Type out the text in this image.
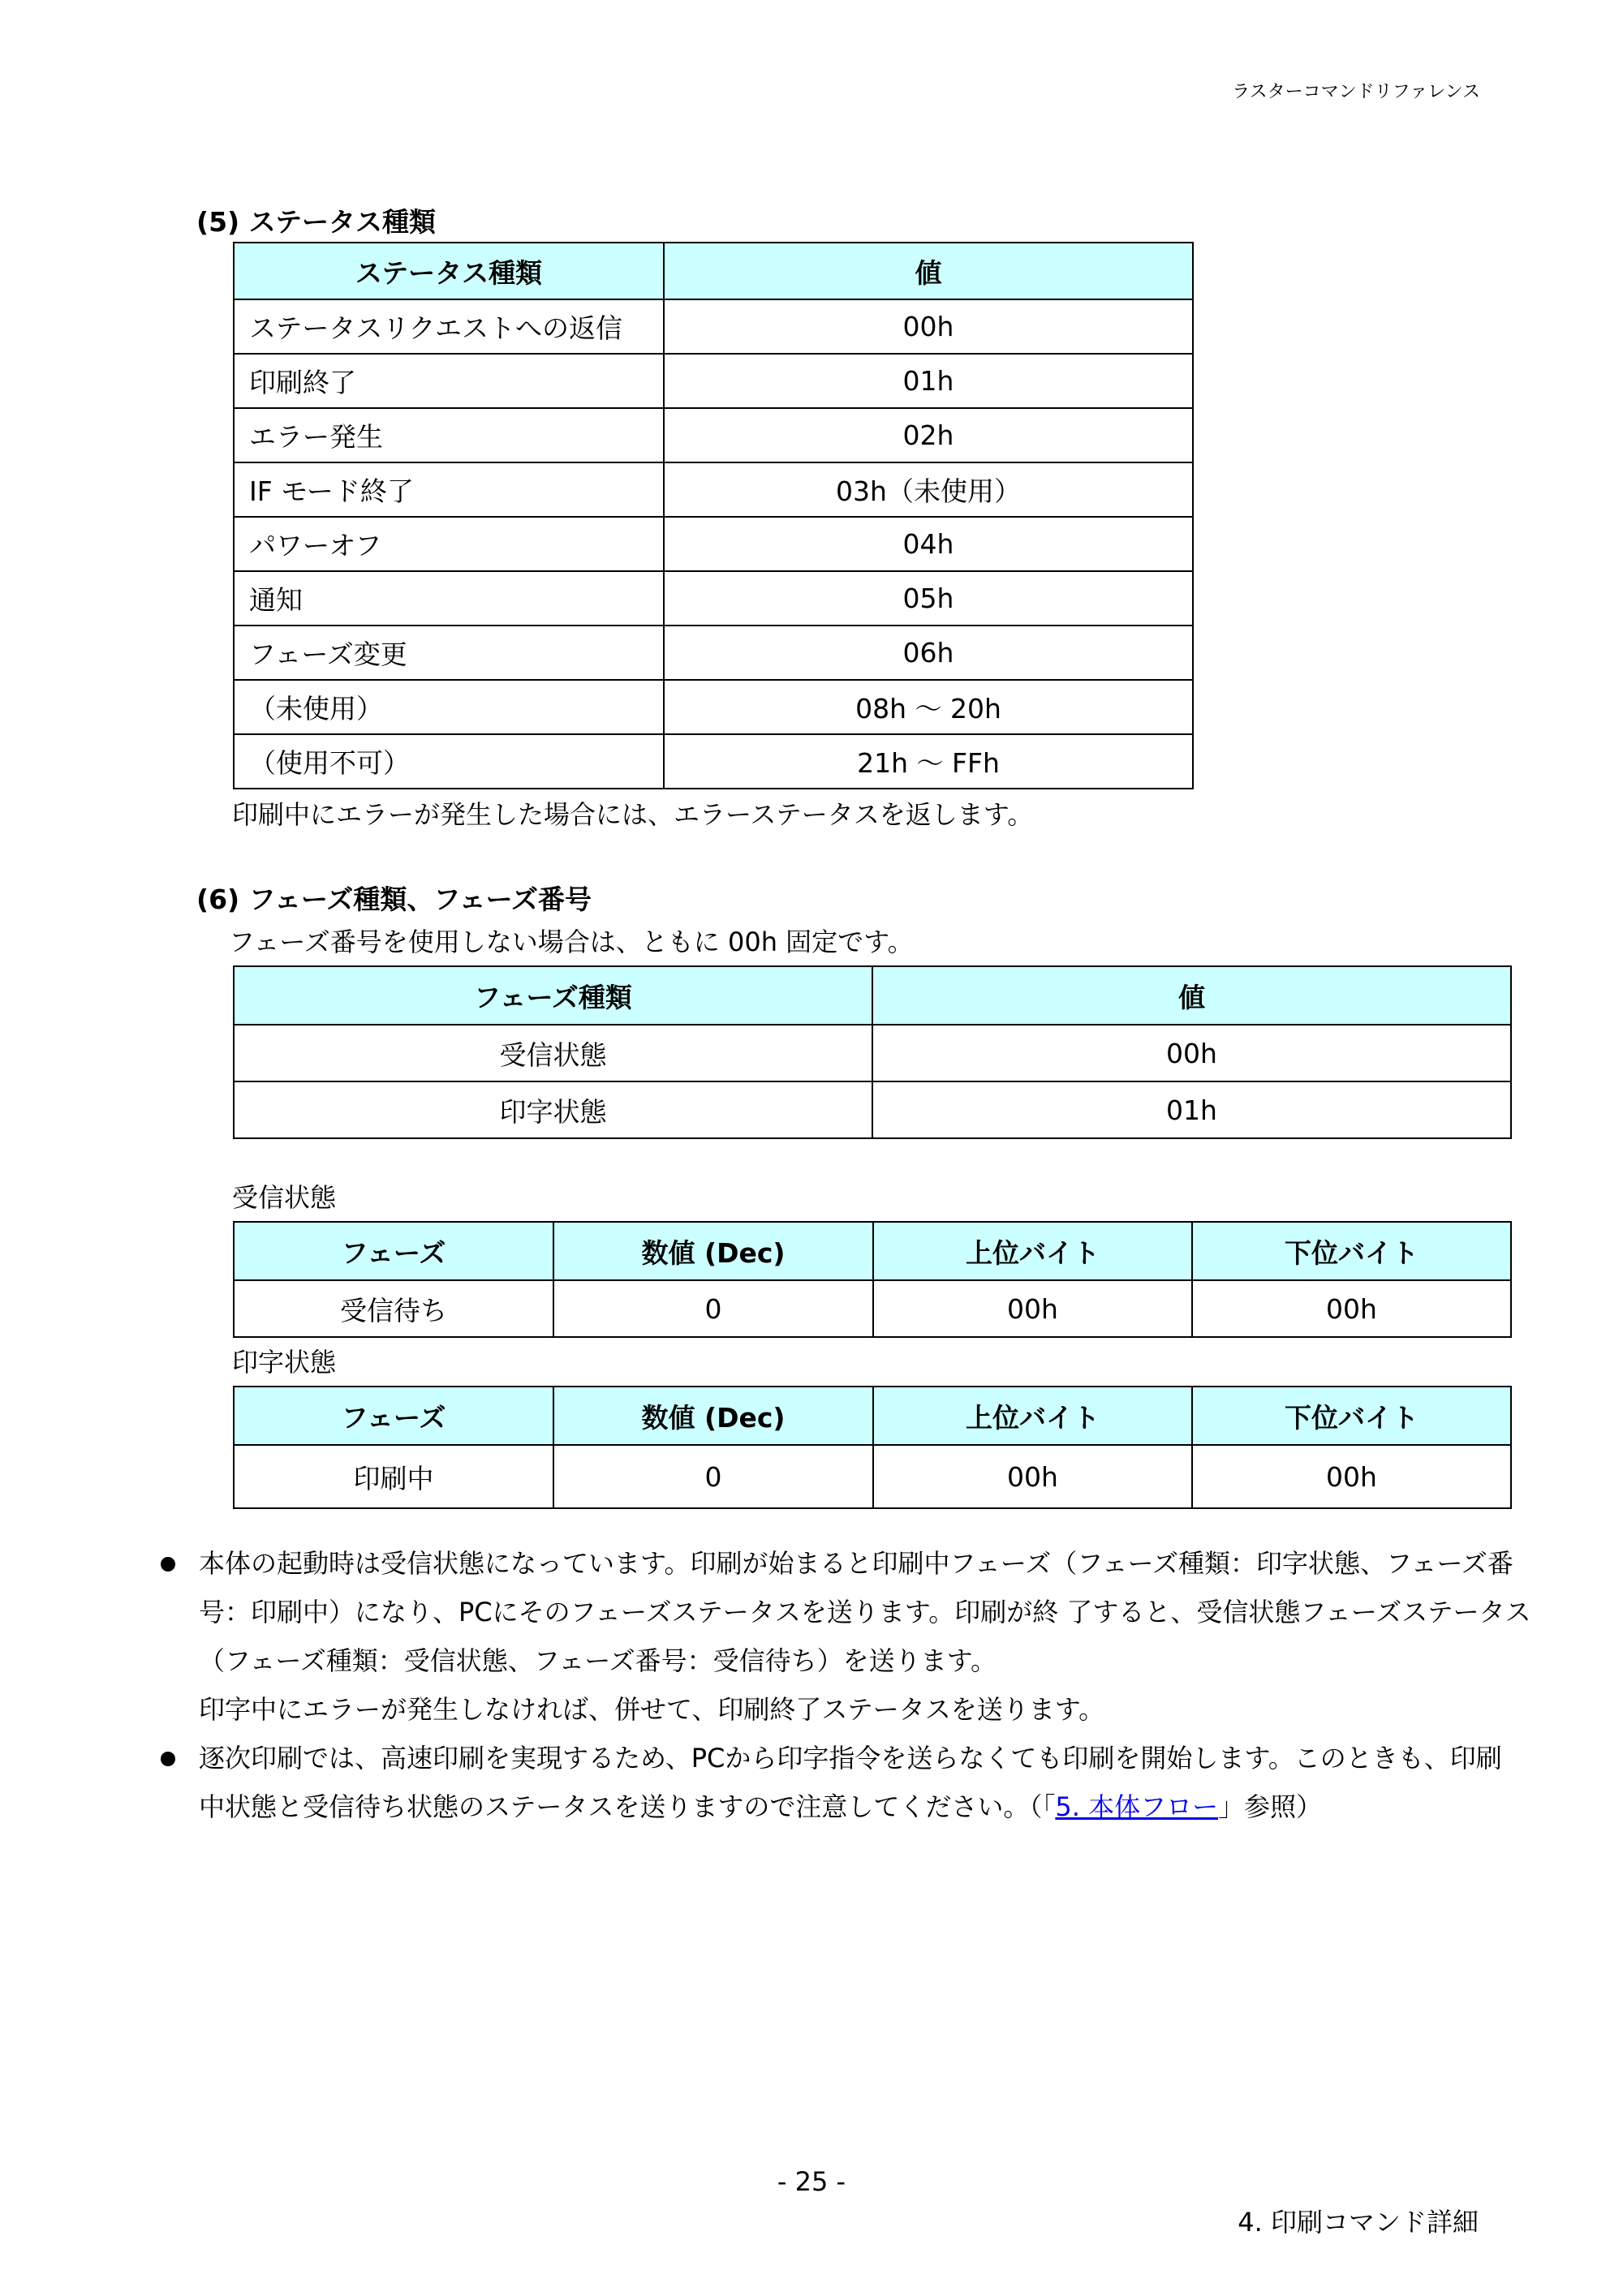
ラスターコマンドリファレンス
(5) ステータス種類
ステータス種類	値
ステータスリクエストへの返信	00h
印刷終了	01h
エラー発生	02h
IF モード終了	03h（未使用）
パワーオフ	04h
通知	05h
フェーズ変更	06h
（未使用）	08h 〜 20h
（使用不可）	21h 〜 FFh
印刷中にエラーが発生した場合には、エラーステータスを返します。
(6) フェーズ種類、フェーズ番号
フェーズ番号を使用しない場合は、ともに 00h 固定です。
フェーズ種類	値
受信状態	00h
印字状態	01h
受信状態
フェーズ	数値 (Dec)	上位バイト	下位バイト
受信待ち	0	00h	00h
印字状態
フェーズ	数値 (Dec)	上位バイト	下位バイト
印刷中	0	00h	00h
本体の起動時は受信状態になっています。印刷が始まると印刷中フェーズ（フェーズ種類：印字状態、フェーズ番
号：印刷中）になり、PCにそのフェーズステータスを送ります。印刷が終 了すると、受信状態フェーズステータス
（フェーズ種類：受信状態、フェーズ番号：受信待ち）を送ります。
印字中にエラーが発生しなければ、併せて、印刷終了ステータスを送ります。
逐次印刷では、高速印刷を実現するため、PCから印字指令を送らなくても印刷を開始します。このときも、印刷
中状態と受信待ち状態のステータスを送りますので注意してください。（「5. 本体フロー」参照）
- 25 -
4. 印刷コマンド詳細
